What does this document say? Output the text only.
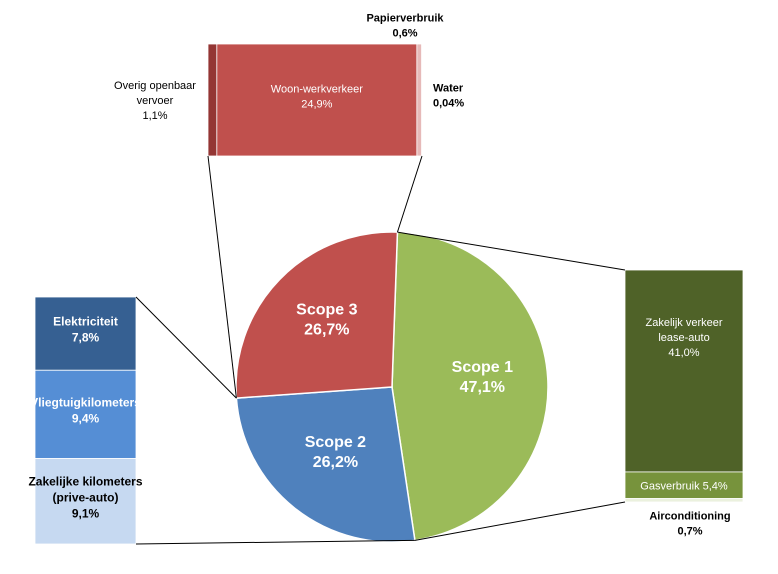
Scope 1 47,1%
Scope 2 26,2%
Scope 3 26,7%
Woon-werkverkeer 24,9%
Overig openbaar vervoer 1,1%
Papierverbruik 0,6%
Water 0,04%
Elektriciteit 7,8%
Vliegtuigkilometers 9,4%
Zakelijke kilometers (prive-auto) 9,1%
Zakelijk verkeer lease-auto 41,0%
Gasverbruik 5,4%
Airconditioning 0,7%
